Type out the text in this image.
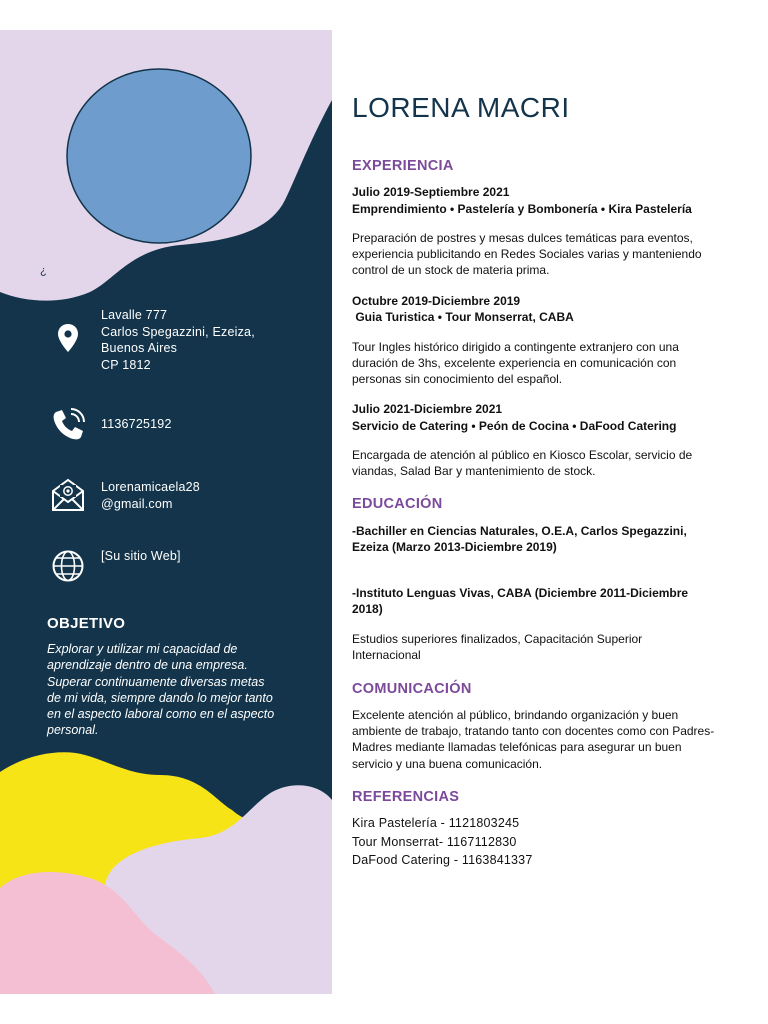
¿
Lavalle 777
Carlos Spegazzini, Ezeiza,
Buenos Aires
CP 1812
1136725192
Lorenamicaela28
@gmail.com
[Su sitio Web]
OBJETIVO
Explorar y utilizar mi capacidad de aprendizaje dentro de una empresa. Superar continuamente diversas metas de mi vida, siempre dando lo mejor tanto en el aspecto laboral como en el aspecto personal.
LORENA MACRI
EXPERIENCIA
Julio 2019-Septiembre 2021
Emprendimiento • Pastelería y Bombonería • Kira Pastelería
Preparación de postres y mesas dulces temáticas para eventos, experiencia publicitando en Redes Sociales varias y manteniendo control de un stock de materia prima.
Octubre 2019-Diciembre 2019
Guia Turistica • Tour Monserrat, CABA
Tour Ingles histórico dirigido a contingente extranjero con una duración de 3hs, excelente experiencia en comunicación con personas sin conocimiento del español.
Julio 2021-Diciembre 2021
Servicio de Catering • Peón de Cocina • DaFood Catering
Encargada de atención al público en Kiosco Escolar, servicio de viandas, Salad Bar y mantenimiento de stock.
EDUCACIÓN
-Bachiller en Ciencias Naturales, O.E.A, Carlos Spegazzini, Ezeiza (Marzo 2013-Diciembre 2019)
-Instituto Lenguas Vivas, CABA (Diciembre 2011-Diciembre 2018)
Estudios superiores finalizados, Capacitación Superior Internacional
COMUNICACIÓN
Excelente atención al público, brindando organización y buen ambiente de trabajo, tratando tanto con docentes como con Padres-Madres mediante llamadas telefónicas para asegurar un buen servicio y una buena comunicación.
REFERENCIAS
Kira Pastelería - 1121803245
Tour Monserrat- 1167112830
DaFood Catering - 1163841337
